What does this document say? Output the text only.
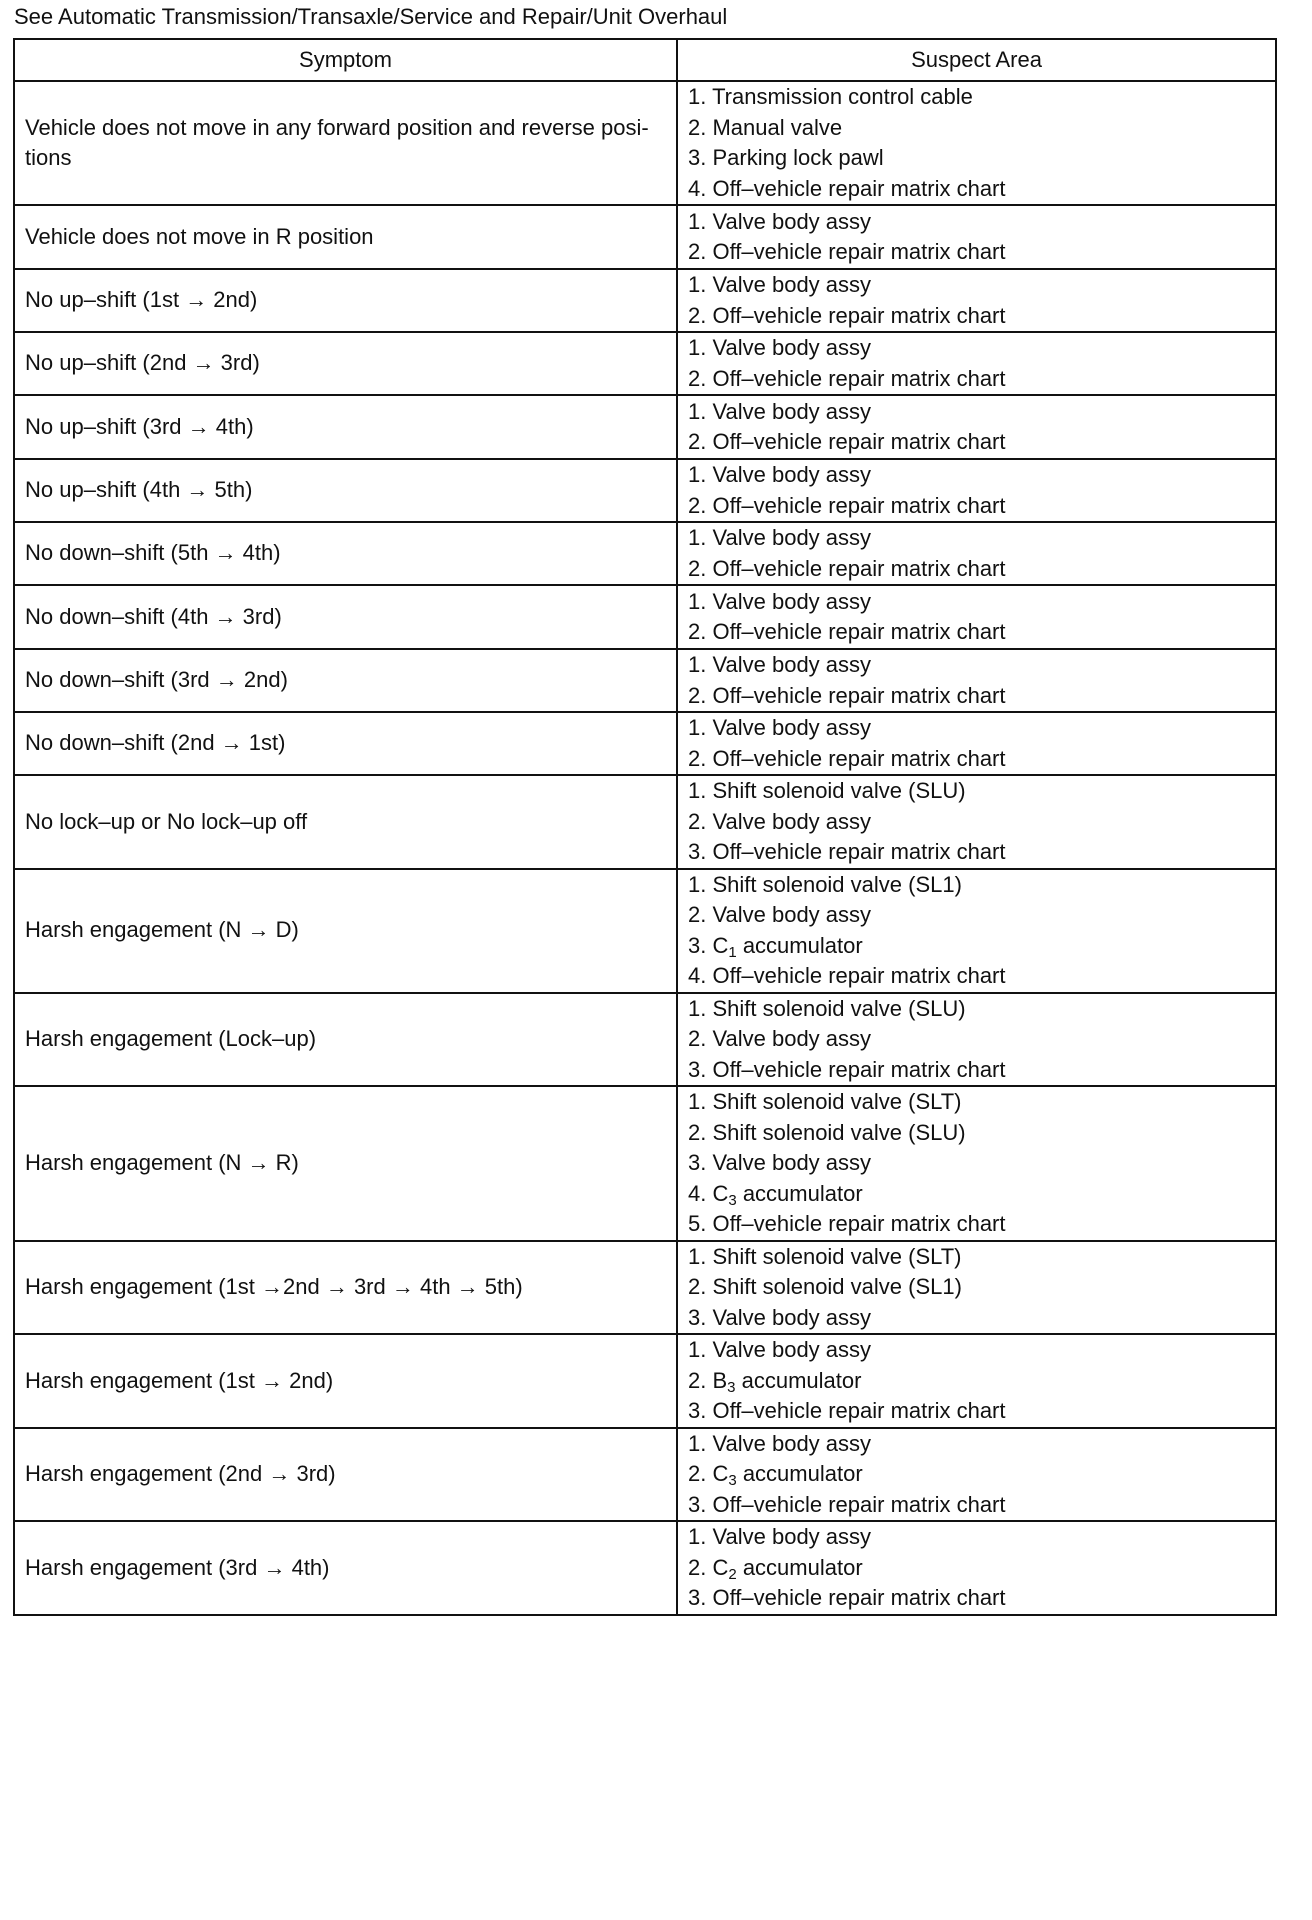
See Automatic Transmission/Transaxle/Service and Repair/Unit Overhaul
Symptom	Suspect Area
Vehicle does not move in any forward position and reverse posi-
tions	1. Transmission control cable
2. Manual valve
3. Parking lock pawl
4. Off–vehicle repair matrix chart

Vehicle does not move in R position	1. Valve body assy
2. Off–vehicle repair matrix chart

No up–shift (1st → 2nd)	1. Valve body assy
2. Off–vehicle repair matrix chart

No up–shift (2nd → 3rd)	1. Valve body assy
2. Off–vehicle repair matrix chart

No up–shift (3rd → 4th)	1. Valve body assy
2. Off–vehicle repair matrix chart

No up–shift (4th → 5th)	1. Valve body assy
2. Off–vehicle repair matrix chart

No down–shift (5th → 4th)	1. Valve body assy
2. Off–vehicle repair matrix chart

No down–shift (4th → 3rd)	1. Valve body assy
2. Off–vehicle repair matrix chart

No down–shift (3rd → 2nd)	1. Valve body assy
2. Off–vehicle repair matrix chart

No down–shift (2nd → 1st)	1. Valve body assy
2. Off–vehicle repair matrix chart

No lock–up or No lock–up off	1. Shift solenoid valve (SLU)
2. Valve body assy
3. Off–vehicle repair matrix chart

Harsh engagement (N → D)	1. Shift solenoid valve (SL1)
2. Valve body assy
3. $C_1$ accumulator
4. Off–vehicle repair matrix chart

Harsh engagement (Lock–up)	1. Shift solenoid valve (SLU)
2. Valve body assy
3. Off–vehicle repair matrix chart

Harsh engagement (N → R)	1. Shift solenoid valve (SLT)
2. Shift solenoid valve (SLU)
3. Valve body assy
4. $C_3$ accumulator
5. Off–vehicle repair matrix chart

Harsh engagement (1st →2nd → 3rd → 4th → 5th)	1. Shift solenoid valve (SLT)
2. Shift solenoid valve (SL1)
3. Valve body assy

Harsh engagement (1st → 2nd)	1. Valve body assy
2. $B_3$ accumulator
3. Off–vehicle repair matrix chart

Harsh engagement (2nd → 3rd)	1. Valve body assy
2. $C_3$ accumulator
3. Off–vehicle repair matrix chart

Harsh engagement (3rd → 4th)	1. Valve body assy
2. $C_2$ accumulator
3. Off–vehicle repair matrix chart
